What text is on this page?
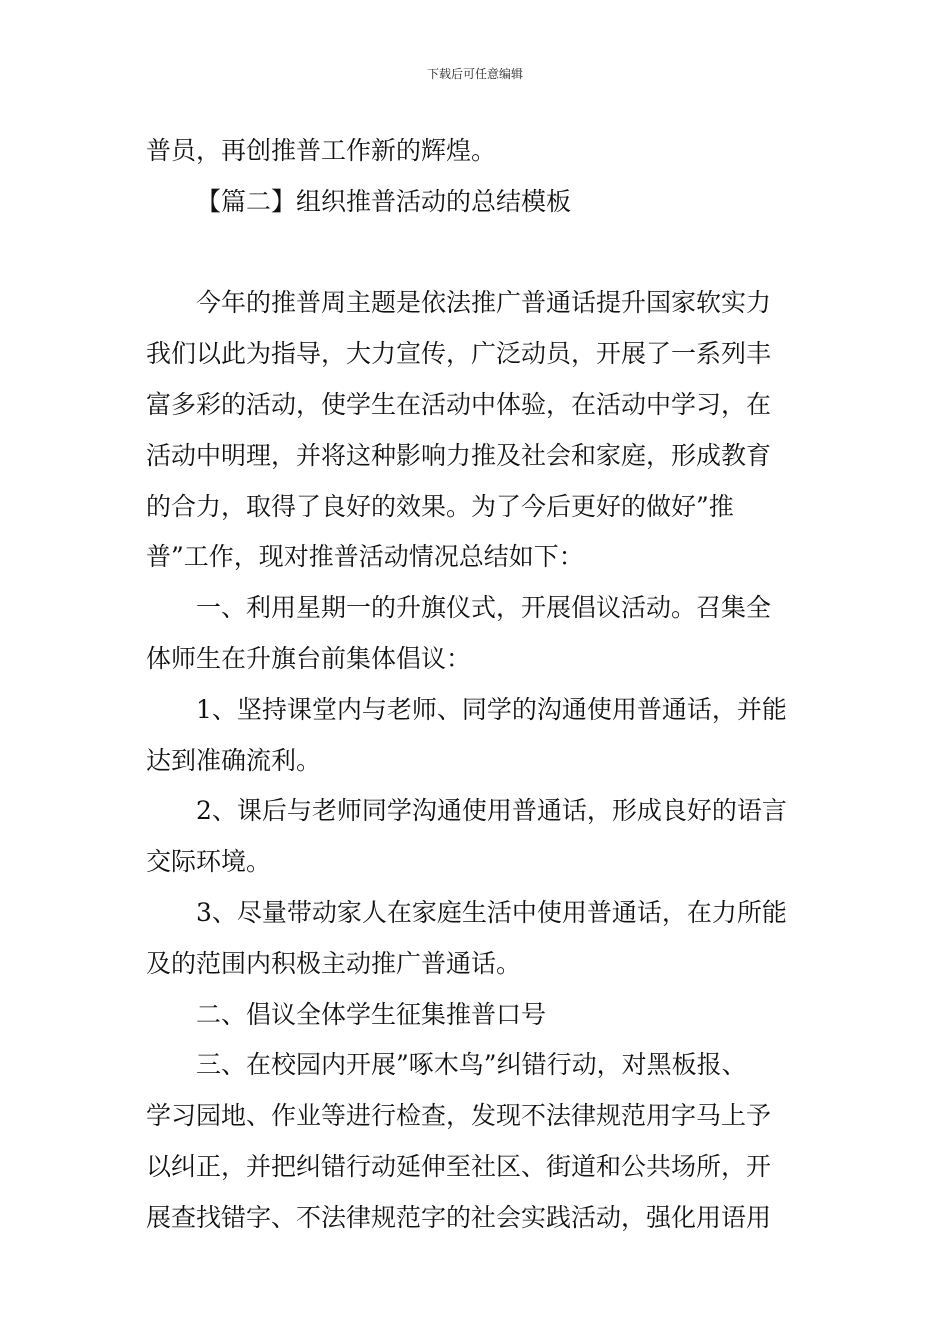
下载后可任意编辑
普员，再创推普工作新的辉煌。
【篇二】组织推普活动的总结模板
今年的推普周主题是依法推广普通话提升国家软实力
我们以此为指导，大力宣传，广泛动员，开展了一系列丰
富多彩的活动，使学生在活动中体验，在活动中学习，在
活动中明理，并将这种影响力推及社会和家庭，形成教育
的合力，取得了良好的效果。为了今后更好的做好”推
普”工作，现对推普活动情况总结如下：
一、利用星期一的升旗仪式，开展倡议活动。召集全
体师生在升旗台前集体倡议：
1、坚持课堂内与老师、同学的沟通使用普通话，并能
达到准确流利。
2、课后与老师同学沟通使用普通话，形成良好的语言
交际环境。
3、尽量带动家人在家庭生活中使用普通话，在力所能
及的范围内积极主动推广普通话。
二、倡议全体学生征集推普口号
三、在校园内开展”啄木鸟”纠错行动，对黑板报、
学习园地、作业等进行检查，发现不法律规范用字马上予
以纠正，并把纠错行动延伸至社区、街道和公共场所，开
展查找错字、不法律规范字的社会实践活动，强化用语用
